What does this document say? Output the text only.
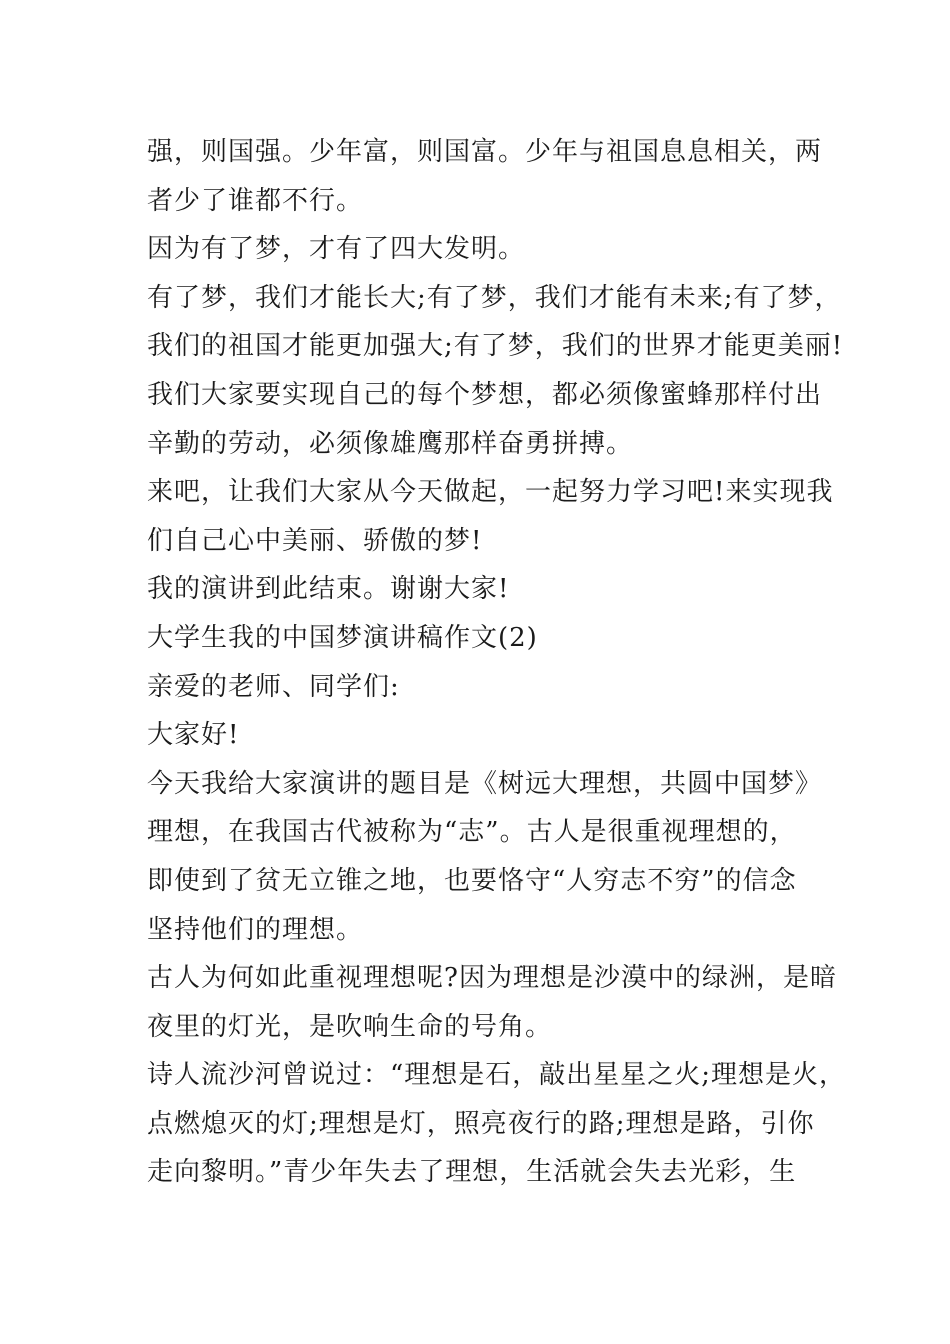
强，则国强。少年富，则国富。少年与祖国息息相关，两
者少了谁都不行。
因为有了梦，才有了四大发明。
有了梦，我们才能长大;有了梦，我们才能有未来;有了梦，
我们的祖国才能更加强大;有了梦，我们的世界才能更美丽!
我们大家要实现自己的每个梦想，都必须像蜜蜂那样付出
辛勤的劳动，必须像雄鹰那样奋勇拼搏。
来吧，让我们大家从今天做起，一起努力学习吧!来实现我
们自己心中美丽、骄傲的梦!
我的演讲到此结束。谢谢大家!
大学生我的中国梦演讲稿作文(2)
亲爱的老师、同学们:
大家好!
今天我给大家演讲的题目是《树远大理想，共圆中国梦》
理想，在我国古代被称为“志”。古人是很重视理想的，
即使到了贫无立锥之地，也要恪守“人穷志不穷”的信念
坚持他们的理想。
古人为何如此重视理想呢?因为理想是沙漠中的绿洲，是暗
夜里的灯光，是吹响生命的号角。
诗人流沙河曾说过：“理想是石，敲出星星之火;理想是火，
点燃熄灭的灯;理想是灯，照亮夜行的路;理想是路，引你
走向黎明。”青少年失去了理想，生活就会失去光彩，生
